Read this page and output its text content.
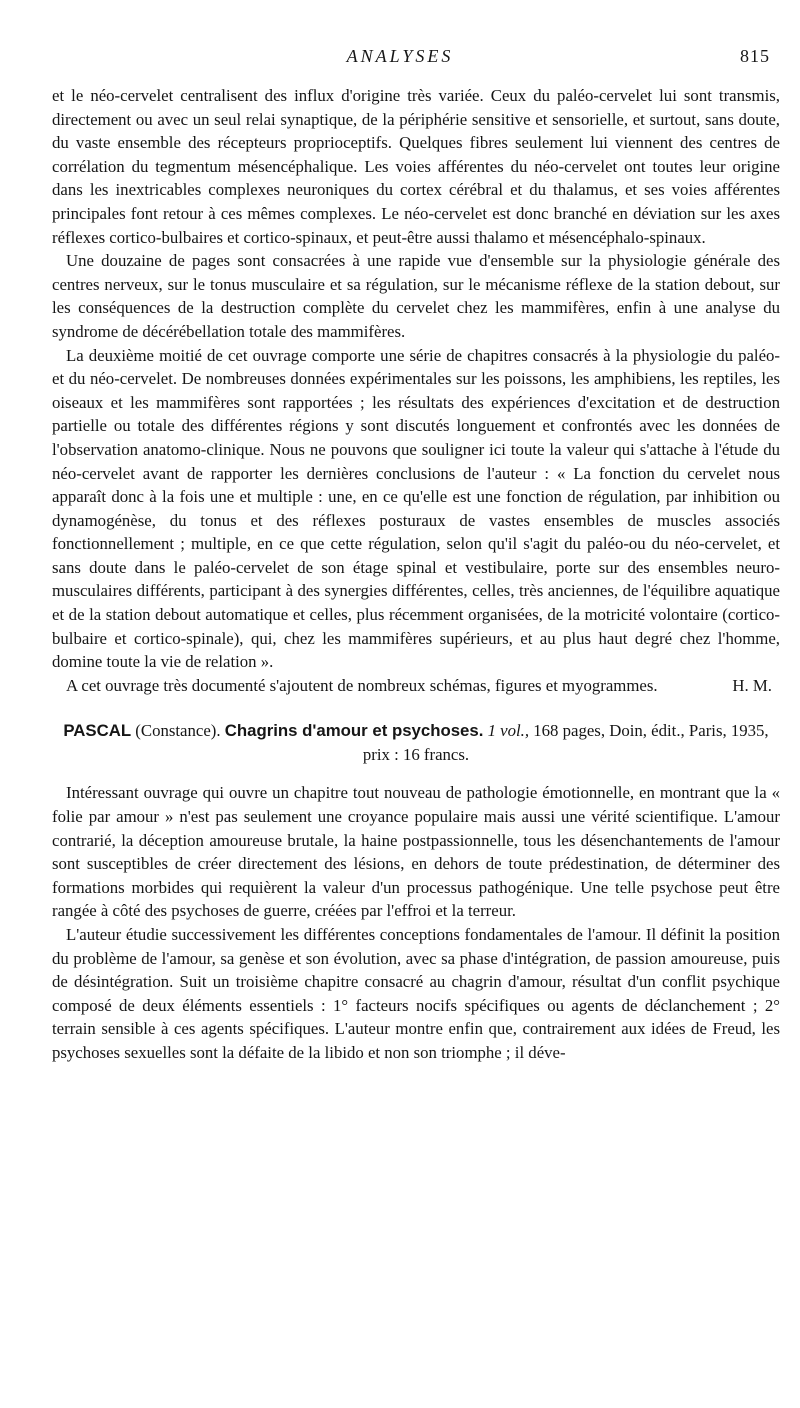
ANALYSES	815

et le néo-cervelet centralisent des influx d'origine très variée. Ceux du paléo-cervelet lui sont transmis, directement ou avec un seul relai synaptique, de la périphérie sensitive et sensorielle, et surtout, sans doute, du vaste ensemble des récepteurs proprioceptifs. Quelques fibres seulement lui viennent des centres de corrélation du tegmentum mésencéphalique. Les voies afférentes du néo-cervelet ont toutes leur origine dans les inextricables complexes neuroniques du cortex cérébral et du thalamus, et ses voies afférentes principales font retour à ces mêmes complexes. Le néo-cervelet est donc branché en déviation sur les axes réflexes cortico-bulbaires et cortico-spinaux, et peut-être aussi thalamo et mésencéphalo-spinaux.

Une douzaine de pages sont consacrées à une rapide vue d'ensemble sur la physiologie générale des centres nerveux, sur le tonus musculaire et sa régulation, sur le mécanisme réflexe de la station debout, sur les conséquences de la destruction complète du cervelet chez les mammifères, enfin à une analyse du syndrome de décérébellation totale des mammifères.

La deuxième moitié de cet ouvrage comporte une série de chapitres consacrés à la physiologie du paléo- et du néo-cervelet. De nombreuses données expérimentales sur les poissons, les amphibiens, les reptiles, les oiseaux et les mammifères sont rapportées ; les résultats des expériences d'excitation et de destruction partielle ou totale des différentes régions y sont discutés longuement et confrontés avec les données de l'observation anatomo-clinique. Nous ne pouvons que souligner ici toute la valeur qui s'attache à l'étude du néo-cervelet avant de rapporter les dernières conclusions de l'auteur : « La fonction du cervelet nous apparaît donc à la fois une et multiple : une, en ce qu'elle est une fonction de régulation, par inhibition ou dynamogénèse, du tonus et des réflexes posturaux de vastes ensembles de muscles associés fonctionnellement ; multiple, en ce que cette régulation, selon qu'il s'agit du paléo-ou du néo-cervelet, et sans doute dans le paléo-cervelet de son étage spinal et vestibulaire, porte sur des ensembles neuro-musculaires différents, participant à des synergies différentes, celles, très anciennes, de l'équilibre aquatique et de la station debout automatique et celles, plus récemment organisées, de la motricité volontaire (cortico-bulbaire et cortico-spinale), qui, chez les mammifères supérieurs, et au plus haut degré chez l'homme, domine toute la vie de relation ».

A cet ouvrage très documenté s'ajoutent de nombreux schémas, figures et myogrammes.	H. M.

PASCAL (Constance). Chagrins d'amour et psychoses. 1 vol., 168 pages, Doin, édit., Paris, 1935, prix : 16 francs.

Intéressant ouvrage qui ouvre un chapitre tout nouveau de pathologie émotionnelle, en montrant que la « folie par amour » n'est pas seulement une croyance populaire mais aussi une vérité scientifique. L'amour contrarié, la déception amoureuse brutale, la haine postpassionnelle, tous les désenchantements de l'amour sont susceptibles de créer directement des lésions, en dehors de toute prédestination, de déterminer des formations morbides qui requièrent la valeur d'un processus pathogénique. Une telle psychose peut être rangée à côté des psychoses de guerre, créées par l'effroi et la terreur.

L'auteur étudie successivement les différentes conceptions fondamentales de l'amour. Il définit la position du problème de l'amour, sa genèse et son évolution, avec sa phase d'intégration, de passion amoureuse, puis de désintégration. Suit un troisième chapitre consacré au chagrin d'amour, résultat d'un conflit psychique composé de deux éléments essentiels : 1° facteurs nocifs spécifiques ou agents de déclanchement ; 2° terrain sensible à ces agents spécifiques. L'auteur montre enfin que, contrairement aux idées de Freud, les psychoses sexuelles sont la défaite de la libido et non son triomphe ; il déve-
